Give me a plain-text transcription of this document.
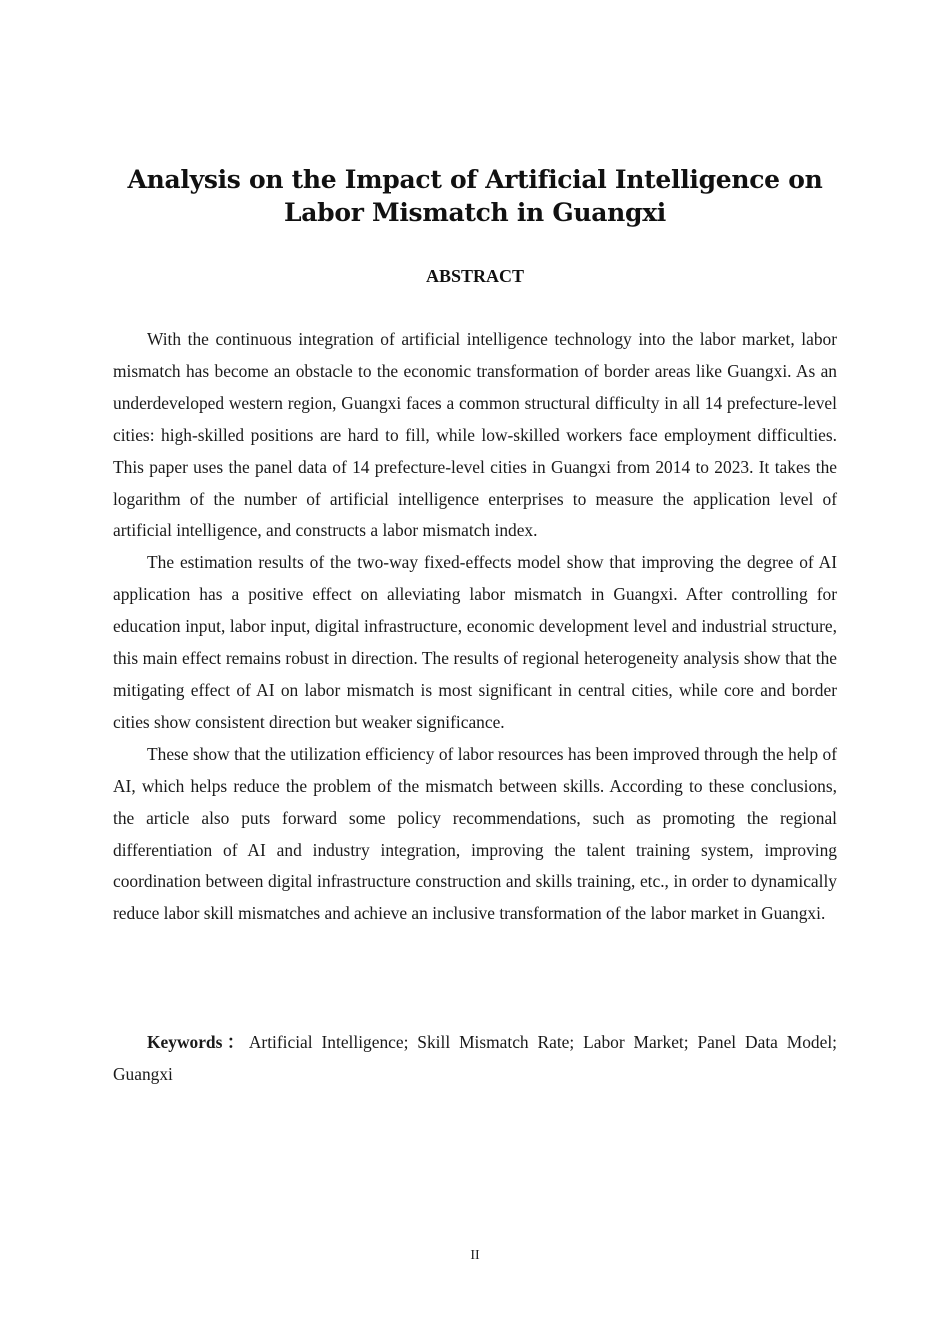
Analysis on the Impact of Artificial Intelligence on
Labor Mismatch in Guangxi
ABSTRACT

With the continuous integration of artificial intelligence technology into the labor market, labor mismatch has become an obstacle to the economic transformation of border areas like Guangxi. As an underdeveloped western region, Guangxi faces a common structural difficulty in all 14 prefecture-level cities: high-skilled positions are hard to fill, while low-skilled workers face employment difficulties. This paper uses the panel data of 14 prefecture-level cities in Guangxi from 2014 to 2023. It takes the logarithm of the number of artificial intelligence enterprises to measure the application level of artificial intelligence, and constructs a labor mismatch index.

The estimation results of the two-way fixed-effects model show that improving the degree of AI application has a positive effect on alleviating labor mismatch in Guangxi. After controlling for education input, labor input, digital infrastructure, economic development level and industrial structure, this main effect remains robust in direction. The results of regional heterogeneity analysis show that the mitigating effect of AI on labor mismatch is most significant in central cities, while core and border cities show consistent direction but weaker significance.

These show that the utilization efficiency of labor resources has been improved through the help of AI, which helps reduce the problem of the mismatch between skills. According to these conclusions, the article also puts forward some policy recommendations, such as promoting the regional differentiation of AI and industry integration, improving the talent training system, improving coordination between digital infrastructure construction and skills training, etc., in order to dynamically reduce labor skill mismatches and achieve an inclusive transformation of the labor market in Guangxi.

Keywords：Artificial Intelligence; Skill Mismatch Rate; Labor Market; Panel Data Model; Guangxi

II
